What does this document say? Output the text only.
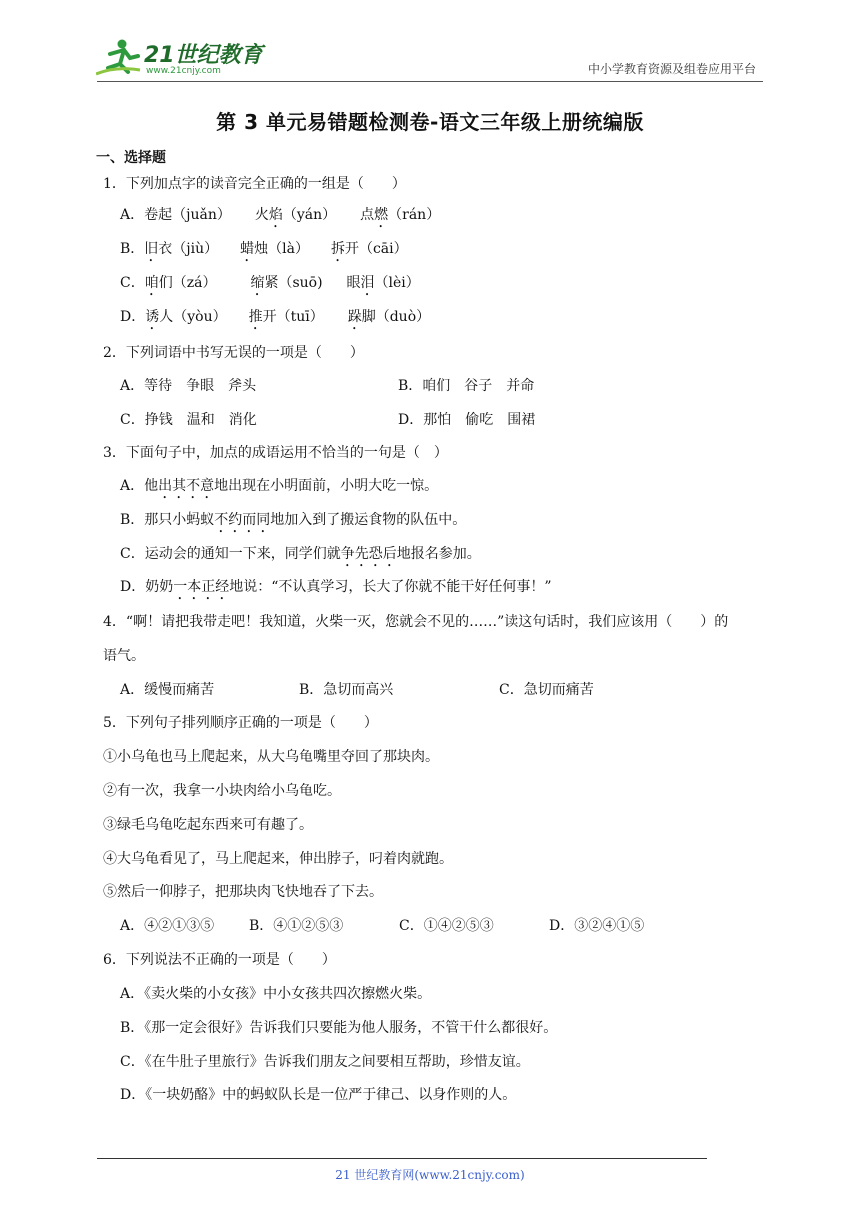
21世纪教育
www.21cnjy.com	中小学教育资源及组卷应用平台
第 3 单元易错题检测卷-语文三年级上册统编版
一、选择题
1．下列加点字的读音完全正确的一组是（　　）
A．卷起（juǎn） 火焰（yán） 点燃（rán）
B．旧衣（jiù） 蜡烛（là） 拆开（cāi）
C．咱们（zá） 缩紧（suō) 眼泪（lèi）
D．诱人（yòu） 推开（tuī） 跺脚（duò）
2．下列词语中书写无误的一项是（　　）
A．等待　争眼　斧头	B．咱们　谷子　并命
C．挣钱　温和　消化	D．那怕　偷吃　围裙
3．下面句子中，加点的成语运用不恰当的一句是（　）
A．他出其不意地出现在小明面前，小明大吃一惊。
B．那只小蚂蚁不约而同地加入到了搬运食物的队伍中。
C．运动会的通知一下来，同学们就争先恐后地报名参加。
D．奶奶一本正经地说：“不认真学习，长大了你就不能干好任何事！”
4．“啊！请把我带走吧！我知道，火柴一灭，您就会不见的……”读这句话时，我们应该用（　　）的
语气。
A．缓慢而痛苦	B．急切而高兴	C．急切而痛苦
5．下列句子排列顺序正确的一项是（　　）
①小乌龟也马上爬起来，从大乌龟嘴里夺回了那块肉。
②有一次，我拿一小块肉给小乌龟吃。
③绿毛乌龟吃起东西来可有趣了。
④大乌龟看见了，马上爬起来，伸出脖子，叼着肉就跑。
⑤然后一仰脖子，把那块肉飞快地吞了下去。
A．④②①③⑤ B．④①②⑤③	C．①④②⑤③	D．③②④①⑤
6．下列说法不正确的一项是（　　）
A．《卖火柴的小女孩》中小女孩共四次擦燃火柴。
B．《那一定会很好》告诉我们只要能为他人服务，不管干什么都很好。
C．《在牛肚子里旅行》告诉我们朋友之间要相互帮助，珍惜友谊。
D．《一块奶酪》中的蚂蚁队长是一位严于律己、以身作则的人。
21 世纪教育网(www.21cnjy.com)
